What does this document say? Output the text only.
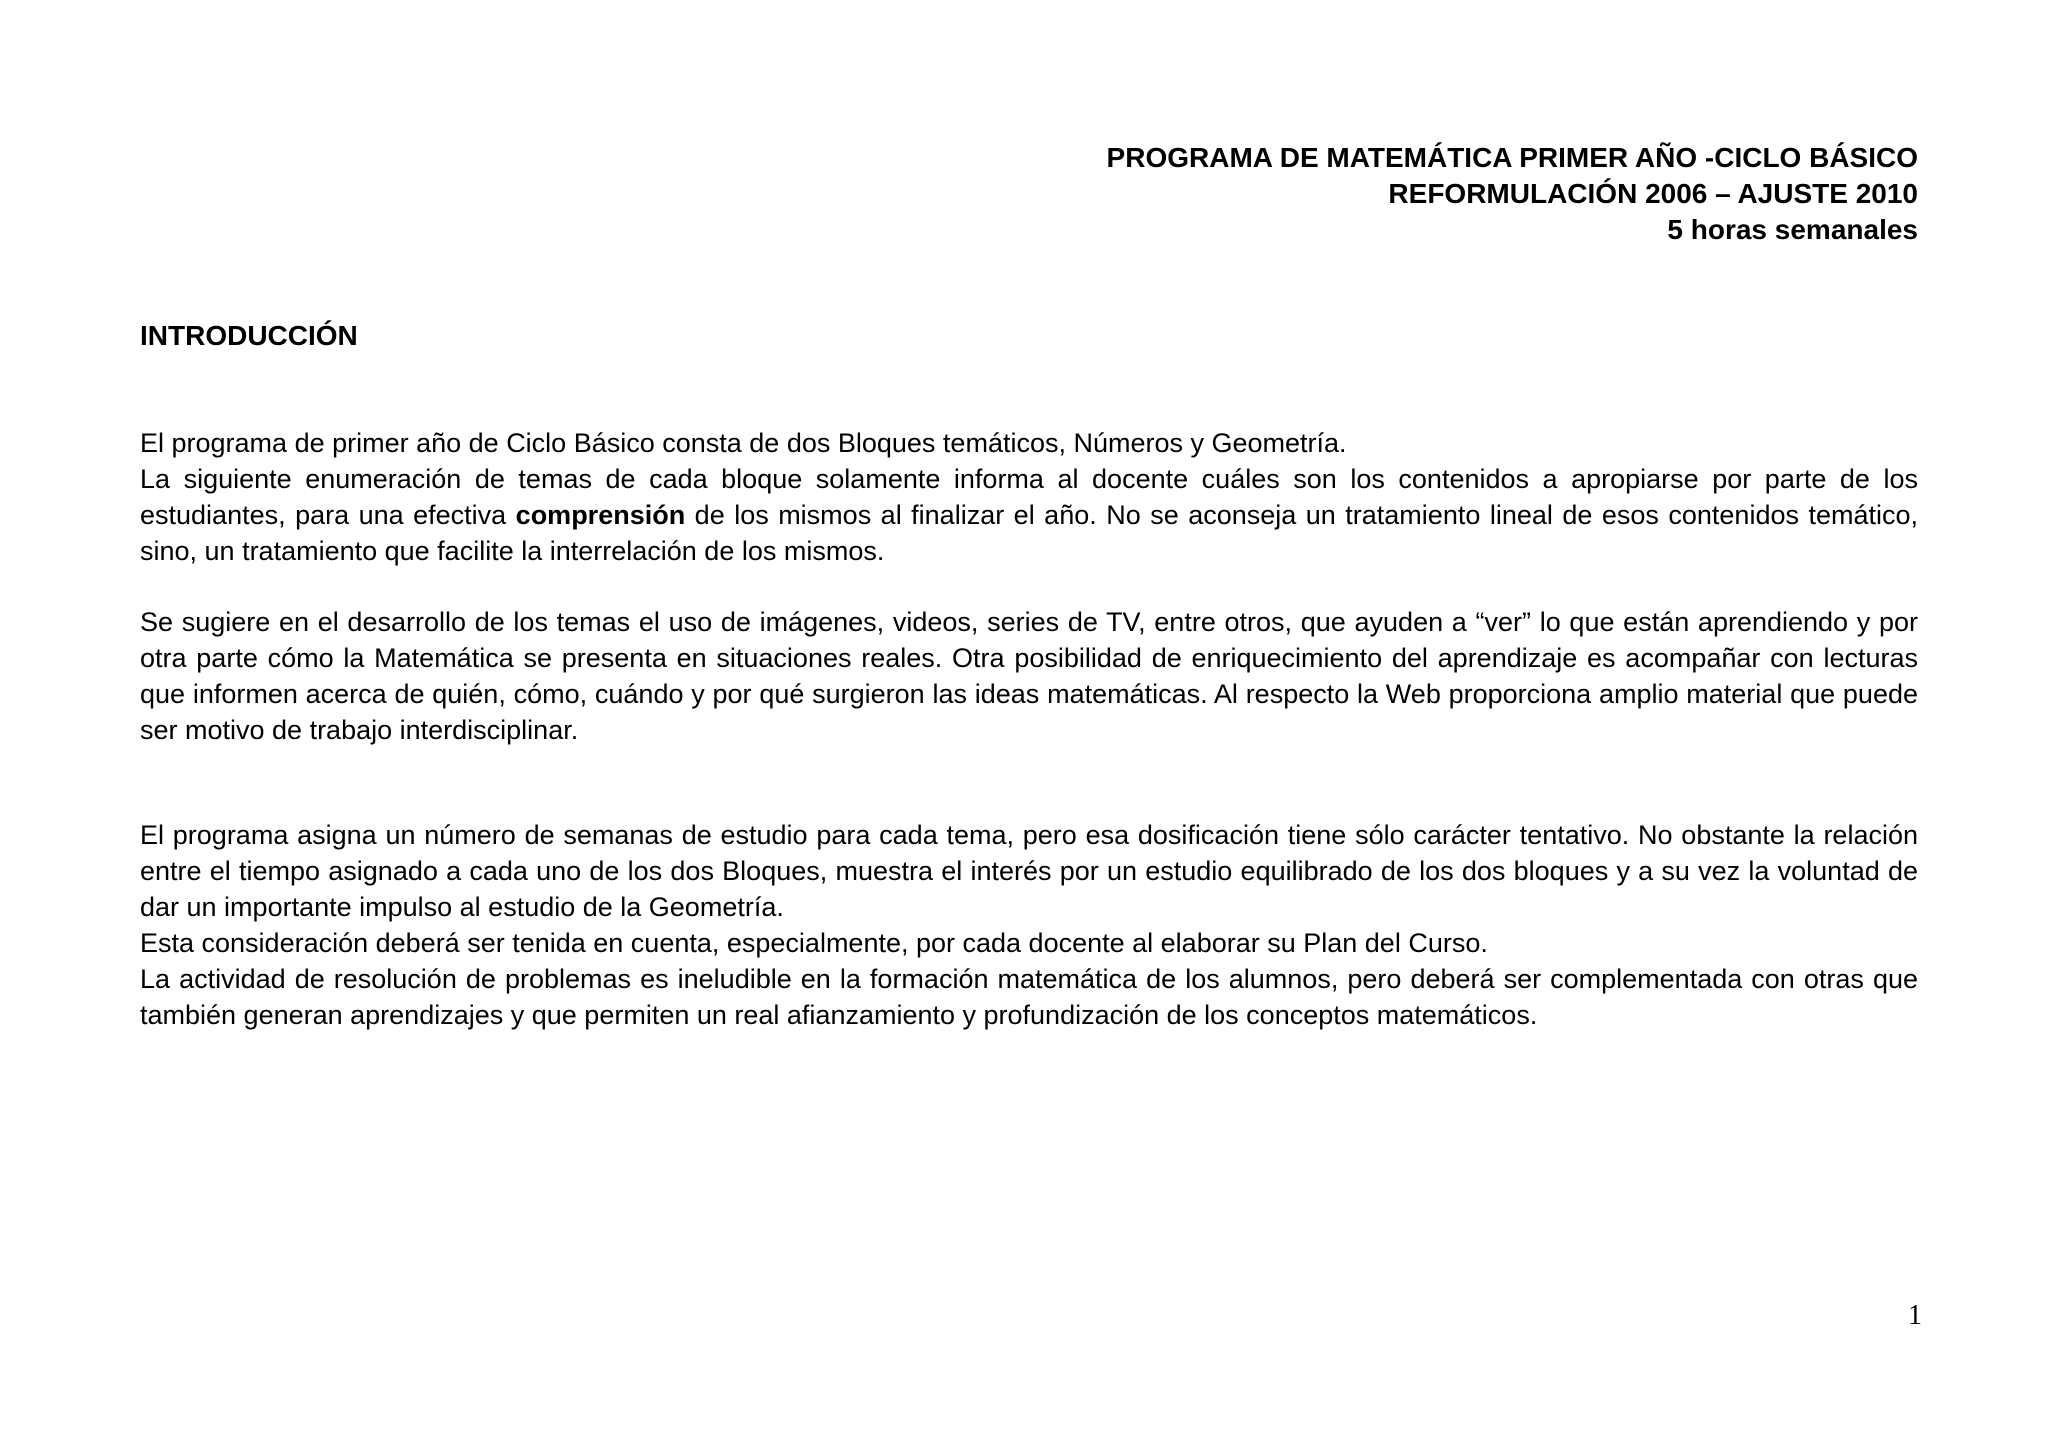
PROGRAMA DE MATEMÁTICA PRIMER AÑO -CICLO BÁSICO
REFORMULACIÓN 2006 – AJUSTE 2010
5 horas semanales
INTRODUCCIÓN

El programa de primer año de Ciclo Básico consta de dos Bloques temáticos, Números y Geometría.

La siguiente enumeración de temas de cada bloque solamente informa al docente cuáles son los contenidos a apropiarse por parte de los estudiantes, para una efectiva comprensión de los mismos al finalizar el año. No se aconseja un tratamiento lineal de esos contenidos temático, sino, un tratamiento que facilite la interrelación de los mismos.

Se sugiere en el desarrollo de los temas el uso de imágenes, videos, series de TV, entre otros, que ayuden a “ver” lo que están aprendiendo y por otra parte cómo la Matemática se presenta en situaciones reales. Otra posibilidad de enriquecimiento del aprendizaje es acompañar con lecturas que informen acerca de quién, cómo, cuándo y por qué surgieron las ideas matemáticas. Al respecto la Web proporciona amplio material que puede ser motivo de trabajo interdisciplinar.

El programa asigna un número de semanas de estudio para cada tema, pero esa dosificación tiene sólo carácter tentativo. No obstante la relación entre el tiempo asignado a cada uno de los dos Bloques, muestra el interés por un estudio equilibrado de los dos bloques y a su vez la voluntad de dar un importante impulso al estudio de la Geometría.

Esta consideración deberá ser tenida en cuenta, especialmente, por cada docente al elaborar su Plan del Curso.

La actividad de resolución de problemas es ineludible en la formación matemática de los alumnos, pero deberá ser complementada con otras que también generan aprendizajes y que permiten un real afianzamiento y profundización de los conceptos matemáticos.

1
